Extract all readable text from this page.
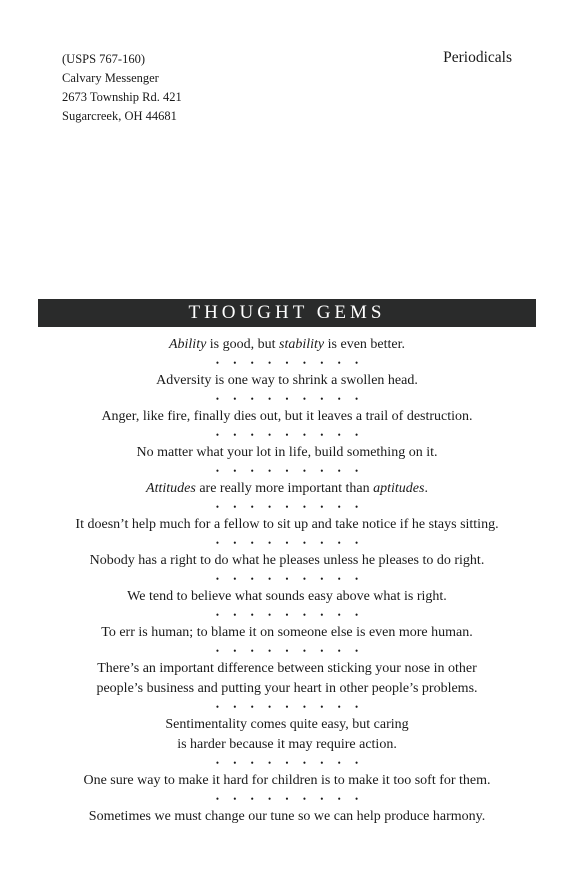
(USPS 767-160)
Calvary Messenger
2673 Township Rd. 421
Sugarcreek, OH 44681
Periodicals
THOUGHT GEMS
Ability is good, but stability is even better.
• • • • • • • • •
Adversity is one way to shrink a swollen head.
• • • • • • • • •
Anger, like fire, finally dies out, but it leaves a trail of destruction.
• • • • • • • • •
No matter what your lot in life, build something on it.
• • • • • • • • •
Attitudes are really more important than aptitudes.
• • • • • • • • •
It doesn’t help much for a fellow to sit up and take notice if he stays sitting.
• • • • • • • • •
Nobody has a right to do what he pleases unless he pleases to do right.
• • • • • • • • •
We tend to believe what sounds easy above what is right.
• • • • • • • • •
To err is human; to blame it on someone else is even more human.
• • • • • • • • •
There’s an important difference between sticking your nose in other
people’s business and putting your heart in other people’s problems.
• • • • • • • • •
Sentimentality comes quite easy, but caring
is harder because it may require action.
• • • • • • • • •
One sure way to make it hard for children is to make it too soft for them.
• • • • • • • • •
Sometimes we must change our tune so we can help produce harmony.
